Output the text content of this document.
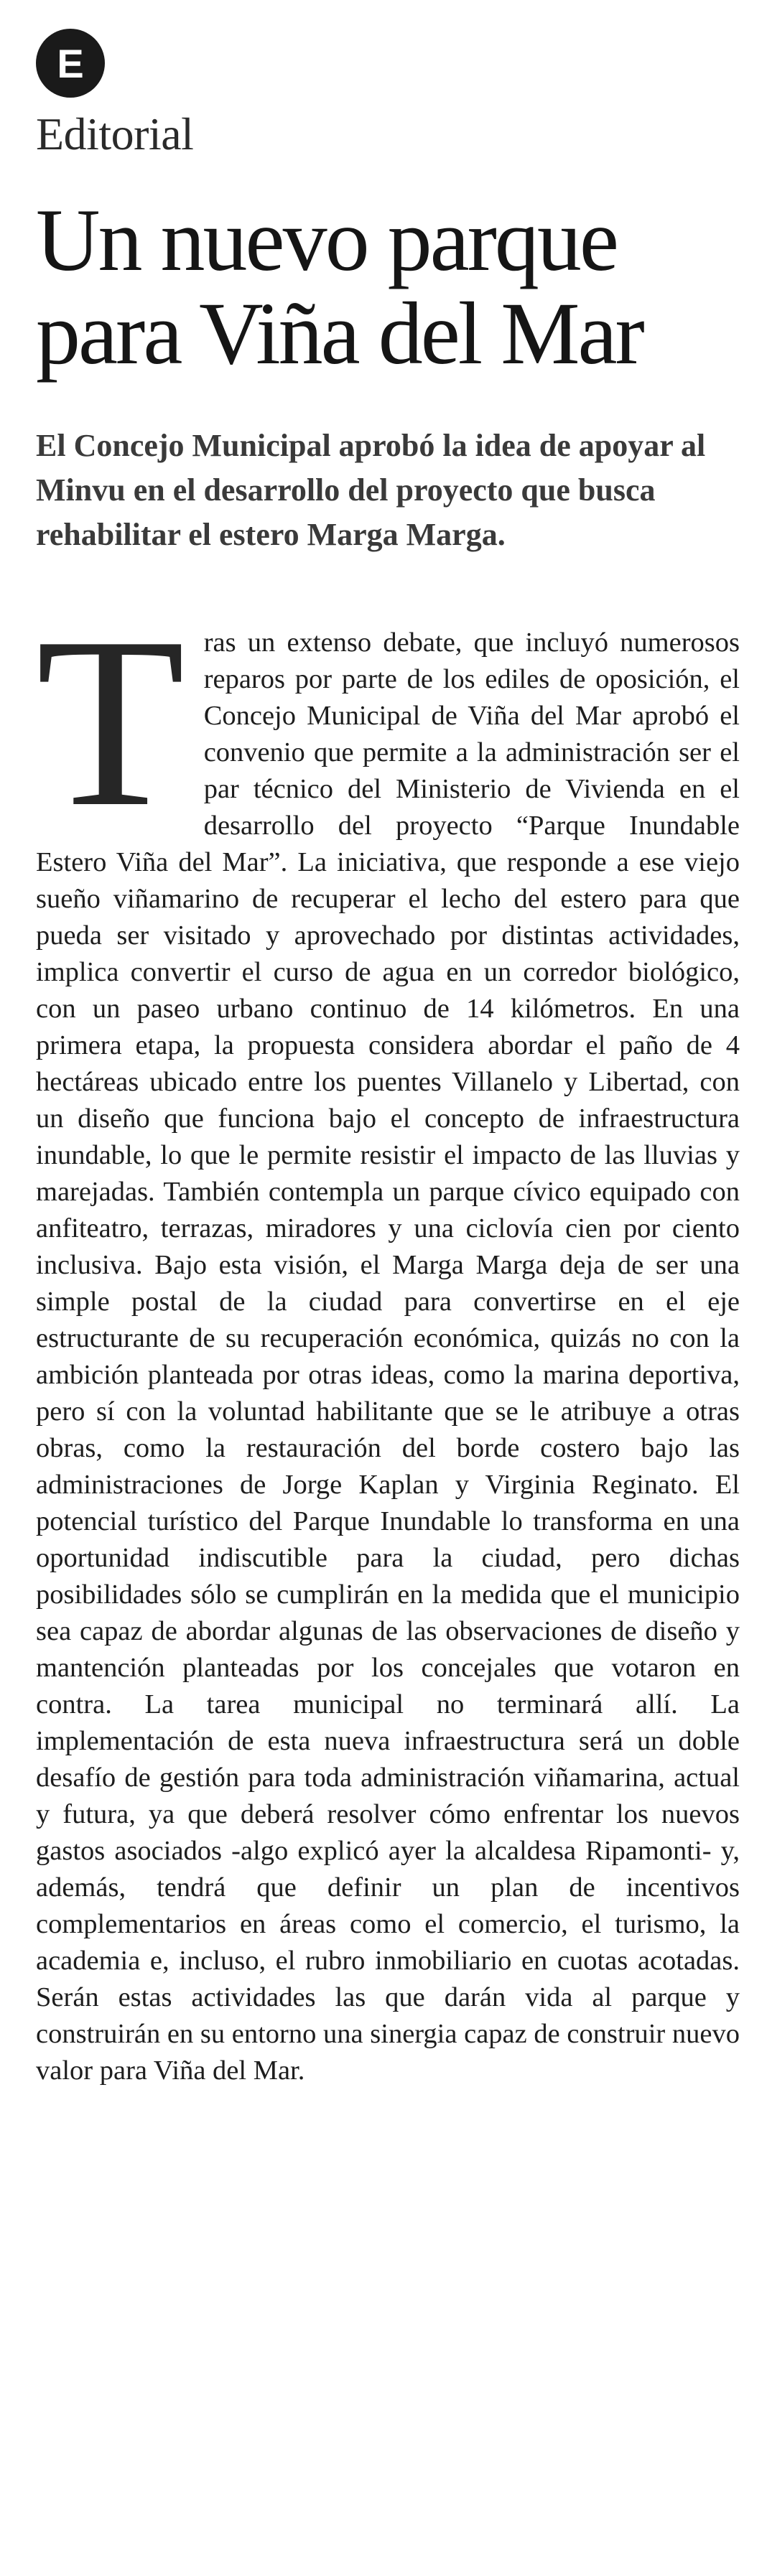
E
Editorial
Un nuevo parque para Viña del Mar

El Concejo Municipal aprobó la idea de apoyar al Minvu en el desarrollo del proyecto que busca rehabilitar el estero Marga Marga.

Tras un extenso debate, que incluyó numerosos reparos por parte de los ediles de oposición, el Concejo Municipal de Viña del Mar aprobó el convenio que permite a la administración ser el par técnico del Ministerio de Vivienda en el desarrollo del proyecto “Parque Inundable Estero Viña del Mar”. La iniciativa, que responde a ese viejo sueño viñamarino de recuperar el lecho del estero para que pueda ser visitado y aprovechado por distintas actividades, implica convertir el curso de agua en un corredor biológico, con un paseo urbano continuo de 14 kilómetros. En una primera etapa, la propuesta considera abordar el paño de 4 hectáreas ubicado entre los puentes Villanelo y Libertad, con un diseño que funciona bajo el concepto de infraestructura inundable, lo que le permite resistir el impacto de las lluvias y marejadas. También contempla un parque cívico equipado con anfiteatro, terrazas, miradores y una ciclovía cien por ciento inclusiva. Bajo esta visión, el Marga Marga deja de ser una simple postal de la ciudad para convertirse en el eje estructurante de su recuperación económica, quizás no con la ambición planteada por otras ideas, como la marina deportiva, pero sí con la voluntad habilitante que se le atribuye a otras obras, como la restauración del borde costero bajo las administraciones de Jorge Kaplan y Virginia Reginato. El potencial turístico del Parque Inundable lo transforma en una oportunidad indiscutible para la ciudad, pero dichas posibilidades sólo se cumplirán en la medida que el municipio sea capaz de abordar algunas de las observaciones de diseño y mantención planteadas por los concejales que votaron en contra. La tarea municipal no terminará allí. La implementación de esta nueva infraestructura será un doble desafío de gestión para toda administración viñamarina, actual y futura, ya que deberá resolver cómo enfrentar los nuevos gastos asociados -algo explicó ayer la alcaldesa Ripamonti- y, además, tendrá que definir un plan de incentivos complementarios en áreas como el comercio, el turismo, la academia e, incluso, el rubro inmobiliario en cuotas acotadas. Serán estas actividades las que darán vida al parque y construirán en su entorno una sinergia capaz de construir nuevo valor para Viña del Mar.
